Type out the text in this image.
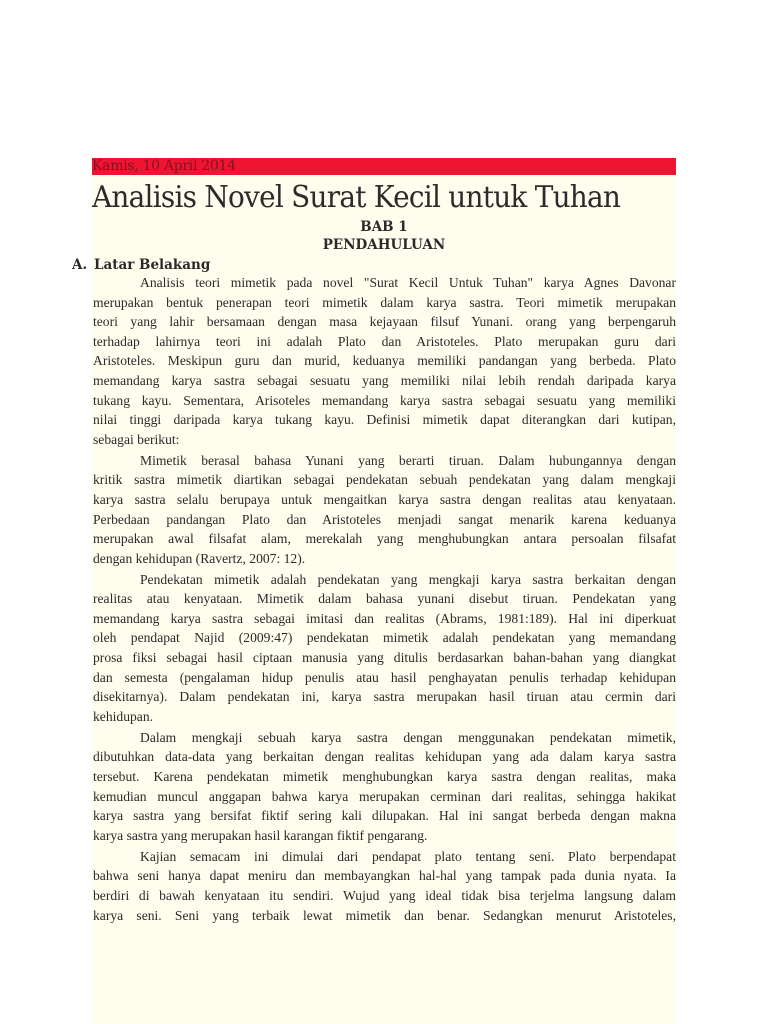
Kamis, 10 April 2014
Analisis Novel Surat Kecil untuk Tuhan
BAB 1
PENDAHULUAN
A. Latar Belakang
Analisis teori mimetik pada novel "Surat Kecil Untuk Tuhan" karya Agnes Davonar
merupakan bentuk penerapan teori mimetik dalam karya sastra. Teori mimetik merupakan
teori yang lahir bersamaan dengan masa kejayaan filsuf Yunani. orang yang berpengaruh
terhadap lahirnya teori ini adalah Plato dan Aristoteles. Plato merupakan guru dari
Aristoteles. Meskipun guru dan murid, keduanya memiliki pandangan yang berbeda. Plato
memandang karya sastra sebagai sesuatu yang memiliki nilai lebih rendah daripada karya
tukang kayu. Sementara, Arisoteles memandang karya sastra sebagai sesuatu yang memiliki
nilai tinggi daripada karya tukang kayu. Definisi mimetik dapat diterangkan dari kutipan,
sebagai berikut:
Mimetik berasal bahasa Yunani yang berarti tiruan. Dalam hubungannya dengan
kritik sastra mimetik diartikan sebagai pendekatan sebuah pendekatan yang dalam mengkaji
karya sastra selalu berupaya untuk mengaitkan karya sastra dengan realitas atau kenyataan.
Perbedaan pandangan Plato dan Aristoteles menjadi sangat menarik karena keduanya
merupakan awal filsafat alam, merekalah yang menghubungkan antara persoalan filsafat
dengan kehidupan (Ravertz, 2007: 12).
Pendekatan mimetik adalah pendekatan yang mengkaji karya sastra berkaitan dengan
realitas atau kenyataan. Mimetik dalam bahasa yunani disebut tiruan. Pendekatan yang
memandang karya sastra sebagai imitasi dan realitas (Abrams, 1981:189). Hal ini diperkuat
oleh pendapat Najid (2009:47) pendekatan mimetik adalah pendekatan yang memandang
prosa fiksi sebagai hasil ciptaan manusia yang ditulis berdasarkan bahan-bahan yang diangkat
dan semesta (pengalaman hidup penulis atau hasil penghayatan penulis terhadap kehidupan
disekitarnya). Dalam pendekatan ini, karya sastra merupakan hasil tiruan atau cermin dari
kehidupan.
Dalam mengkaji sebuah karya sastra dengan menggunakan pendekatan mimetik,
dibutuhkan data-data yang berkaitan dengan realitas kehidupan yang ada dalam karya sastra
tersebut. Karena pendekatan mimetik menghubungkan karya sastra dengan realitas, maka
kemudian muncul anggapan bahwa karya merupakan cerminan dari realitas, sehingga hakikat
karya sastra yang bersifat fiktif sering kali dilupakan. Hal ini sangat berbeda dengan makna
karya sastra yang merupakan hasil karangan fiktif pengarang.
Kajian semacam ini dimulai dari pendapat plato tentang seni. Plato berpendapat
bahwa seni hanya dapat meniru dan membayangkan hal-hal yang tampak pada dunia nyata. Ia
berdiri di bawah kenyataan itu sendiri. Wujud yang ideal tidak bisa terjelma langsung dalam
karya seni. Seni yang terbaik lewat mimetik dan benar. Sedangkan menurut Aristoteles,
